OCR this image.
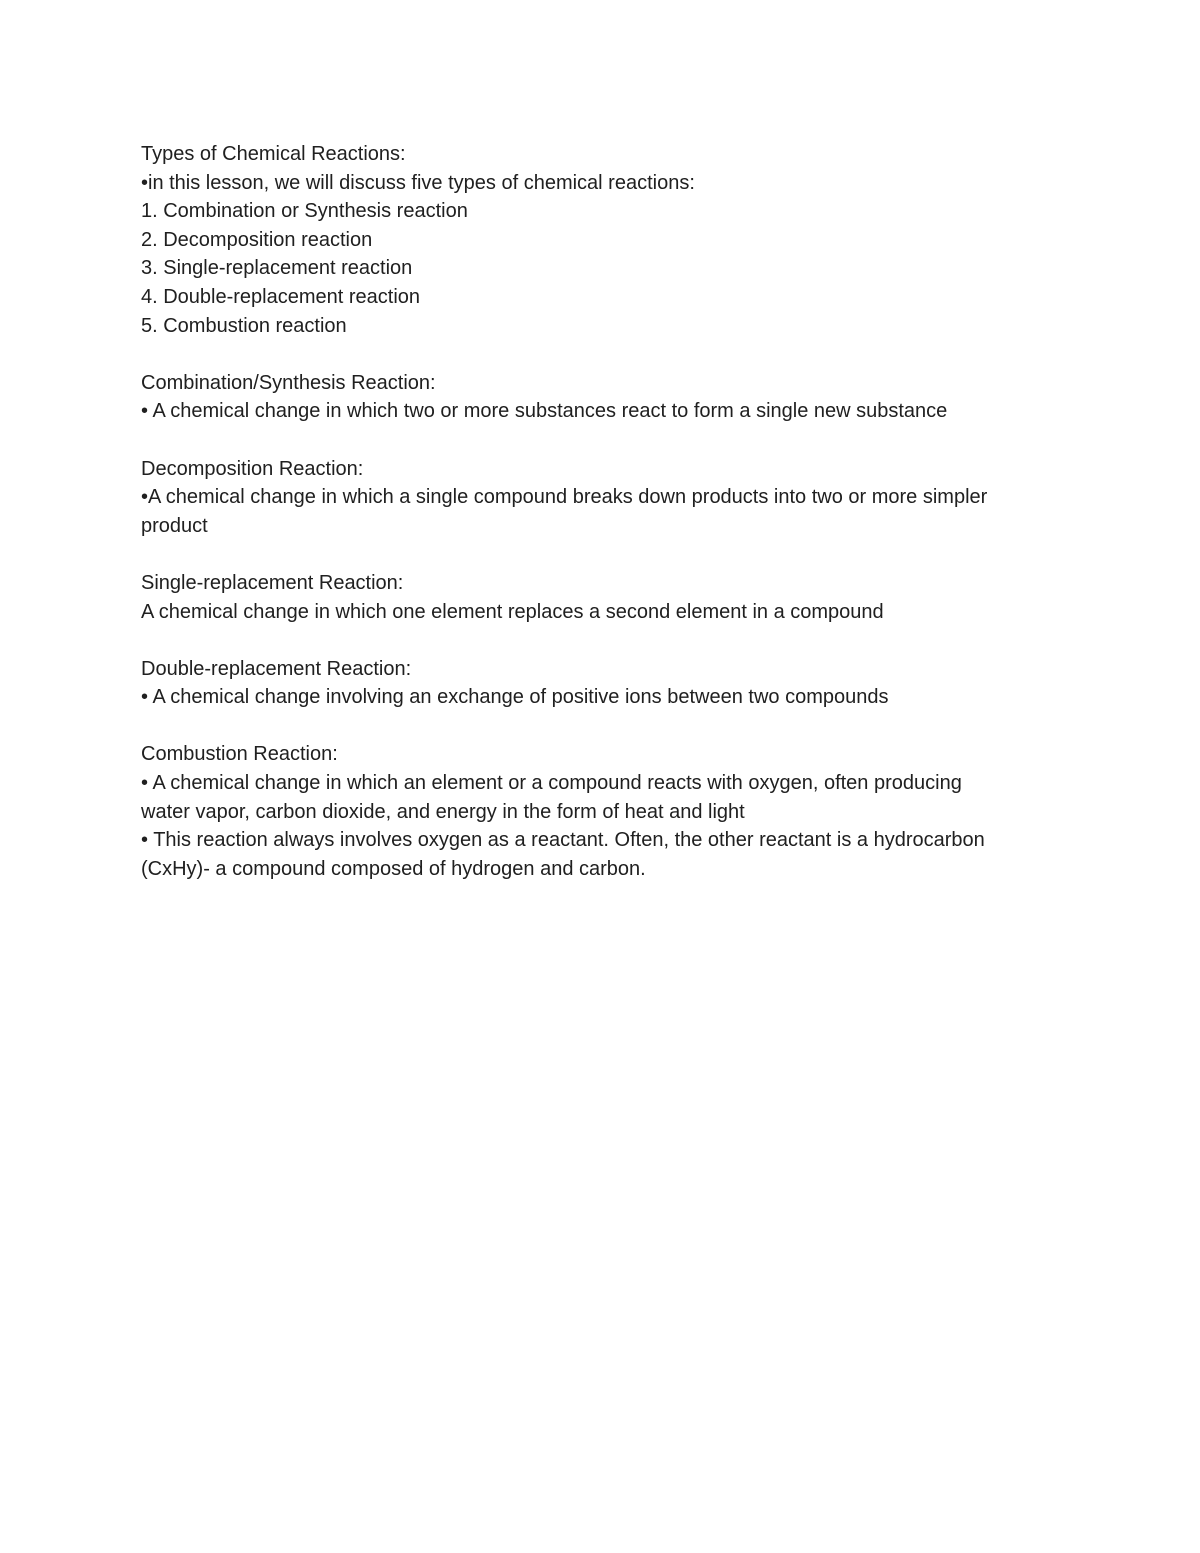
Types of Chemical Reactions:

•in this lesson, we will discuss five types of chemical reactions:

1. Combination or Synthesis reaction

2. Decomposition reaction

3. Single-replacement reaction

4. Double-replacement reaction

5. Combustion reaction

Combination/Synthesis Reaction:

• A chemical change in which two or more substances react to form a single new substance

Decomposition Reaction:

•A chemical change in which a single compound breaks down products into two or more simpler

product

Single-replacement Reaction:

A chemical change in which one element replaces a second element in a compound

Double-replacement Reaction:

• A chemical change involving an exchange of positive ions between two compounds

Combustion Reaction:

• A chemical change in which an element or a compound reacts with oxygen, often producing

water vapor, carbon dioxide, and energy in the form of heat and light

• This reaction always involves oxygen as a reactant. Often, the other reactant is a hydrocarbon

(CxHy)- a compound composed of hydrogen and carbon.
